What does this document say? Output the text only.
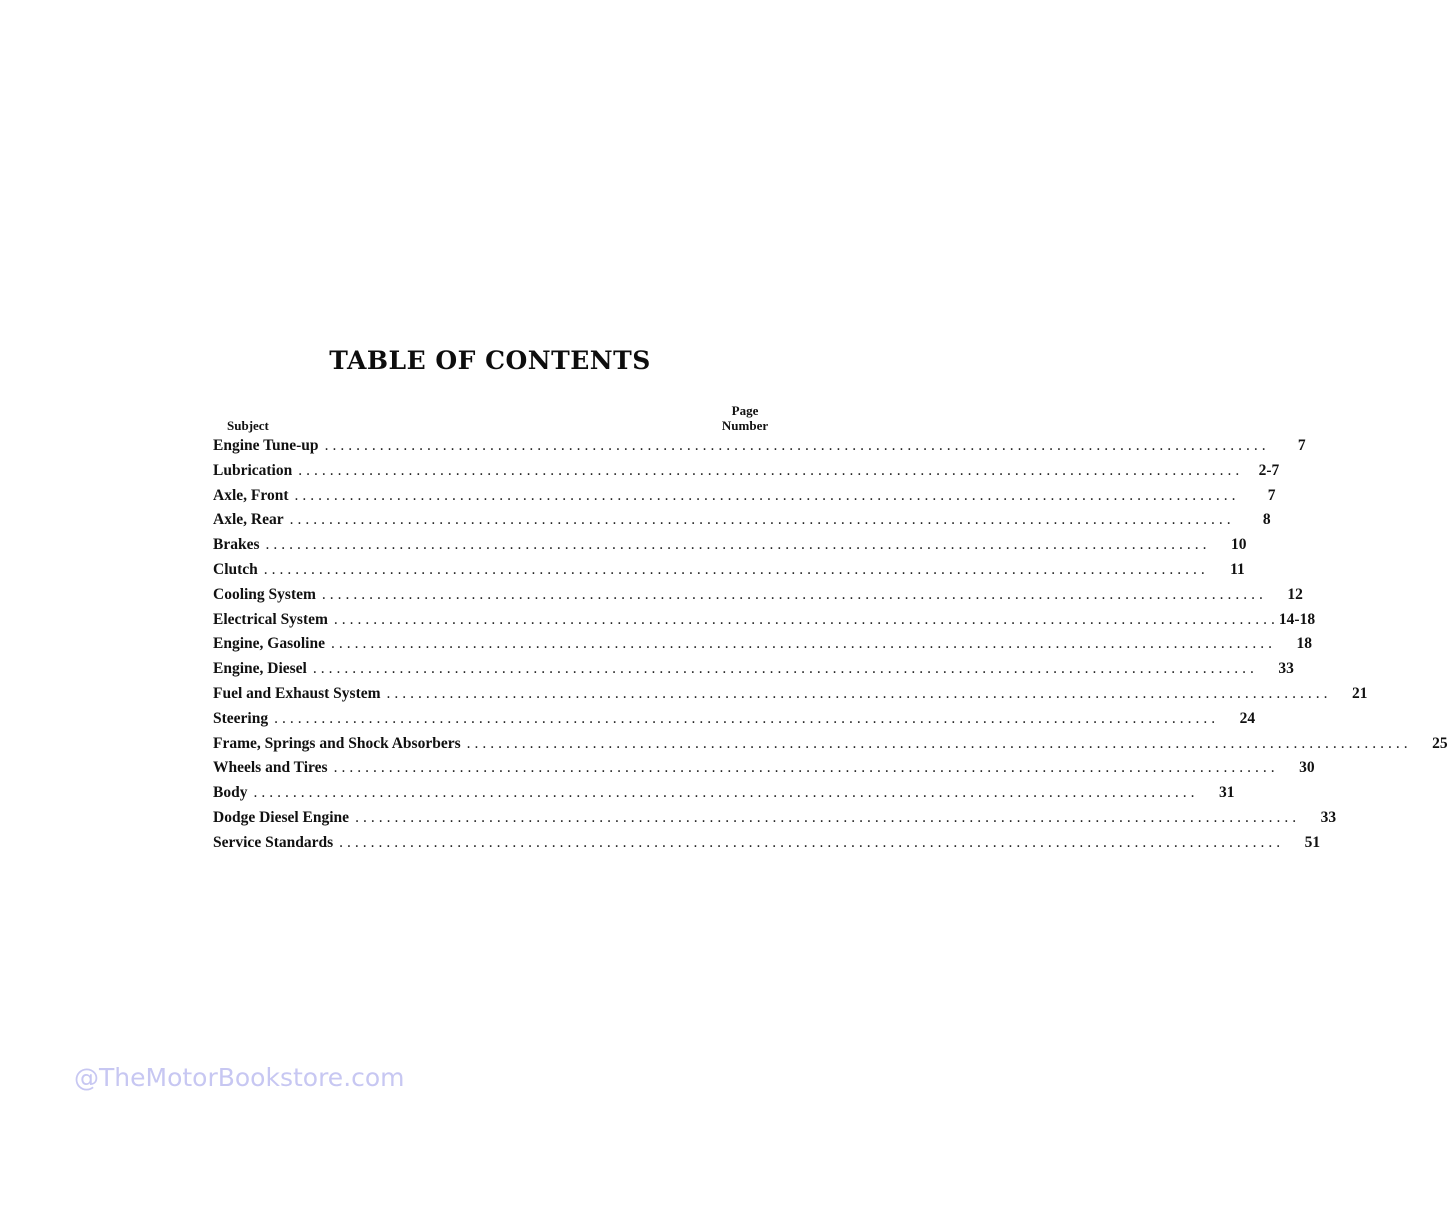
TABLE OF CONTENTS
Subject
Page
Number
Engine Tune-up ........................................................................................................................	7
Lubrication ........................................................................................................................ 2-7
Axle, Front ........................................................................................................................	7
Axle, Rear ........................................................................................................................	8
Brakes ........................................................................................................................	10
Clutch ........................................................................................................................	11
Cooling System ........................................................................................................................	12
Electrical System ........................................................................................................................ 14-18
Engine, Gasoline ........................................................................................................................	18
Engine, Diesel ........................................................................................................................	33
Fuel and Exhaust System ........................................................................................................................	21
Steering ........................................................................................................................	24
Frame, Springs and Shock Absorbers ........................................................................................................................	25
Wheels and Tires ........................................................................................................................	30
Body ........................................................................................................................	31
Dodge Diesel Engine ........................................................................................................................	33
Service Standards ........................................................................................................................	51
@TheMotorBookstore.com
